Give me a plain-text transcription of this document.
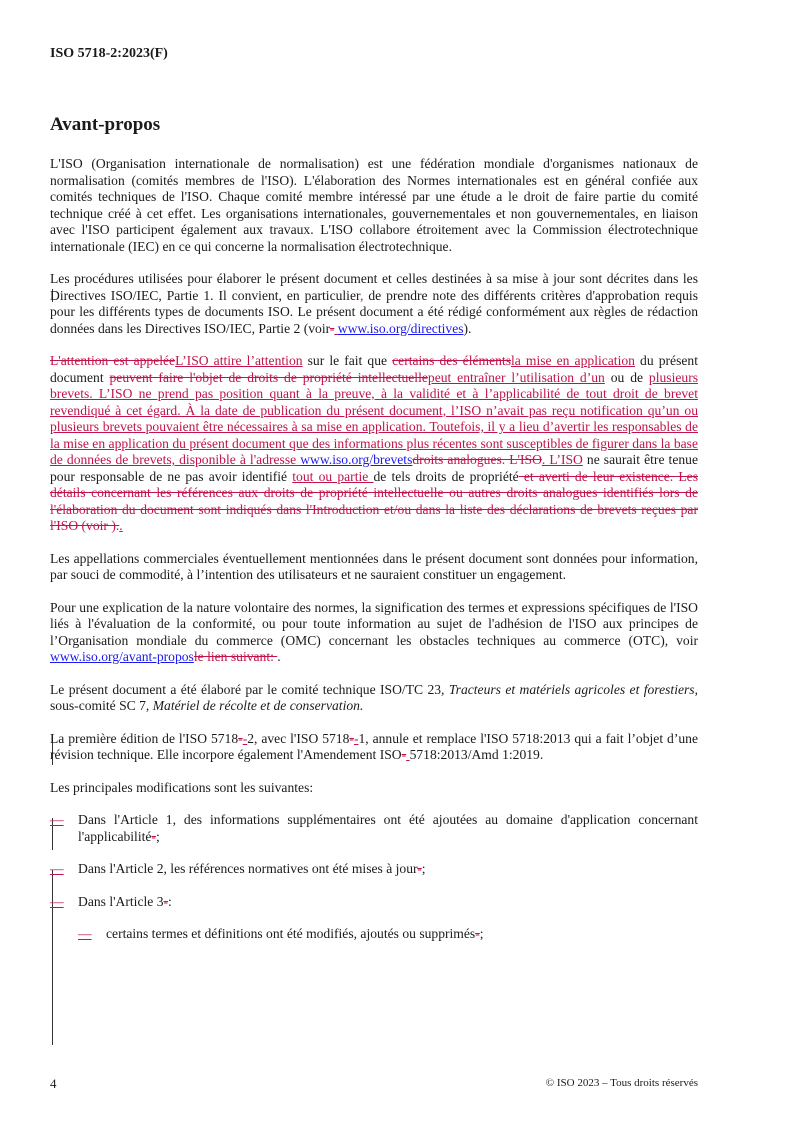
ISO 5718-2:2023(F)
Avant-propos

L'ISO (Organisation internationale de normalisation) est une fédération mondiale d'organismes nationaux de normalisation (comités membres de l'ISO). L'élaboration des Normes internationales est en général confiée aux comités techniques de l'ISO. Chaque comité membre intéressé par une étude a le droit de faire partie du comité technique créé à cet effet. Les organisations internationales, gouvernementales et non gouvernementales, en liaison avec l'ISO participent également aux travaux. L'ISO collabore étroitement avec la Commission électrotechnique internationale (IEC) en ce qui concerne la normalisation électrotechnique.

Les procédures utilisées pour élaborer le présent document et celles destinées à sa mise à jour sont décrites dans les Directives ISO/IEC, Partie 1. Il convient, en particulier, de prendre note des différents critères d'approbation requis pour les différents types de documents ISO. Le présent document a été rédigé conformément aux règles de rédaction données dans les Directives ISO/IEC, Partie 2 (voir- www.iso.org/directives).

L'attention est appeléeL’ISO attire l’attention sur le fait que certains des élémentsla mise en application du présent document peuvent faire l'objet de droits de propriété intellectuellepeut entraîner l’utilisation d’un ou de plusieurs brevets. L’ISO ne prend pas position quant à la preuve, à la validité et à l’applicabilité de tout droit de brevet revendiqué à cet égard. À la date de publication du présent document, l’ISO n’avait pas reçu notification qu’un ou plusieurs brevets pouvaient être nécessaires à sa mise en application. Toutefois, il y a lieu d’avertir les responsables de la mise en application du présent document que des informations plus récentes sont susceptibles de figurer dans la base de données de brevets, disponible à l'adresse www.iso.org/brevetsdroits analogues. L'ISO. L’ISO ne saurait être tenue pour responsable de ne pas avoir identifié tout ou partie de tels droits de propriété et averti de leur existence. Les détails concernant les références aux droits de propriété intellectuelle ou autres droits analogues identifiés lors de l'élaboration du document sont indiqués dans l'Introduction et/ou dans la liste des déclarations de brevets reçues par l'ISO (voir )..

Les appellations commerciales éventuellement mentionnées dans le présent document sont données pour information, par souci de commodité, à l’intention des utilisateurs et ne sauraient constituer un engagement.

Pour une explication de la nature volontaire des normes, la signification des termes et expressions spécifiques de l'ISO liés à l'évaluation de la conformité, ou pour toute information au sujet de l'adhésion de l'ISO aux principes de l’Organisation mondiale du commerce (OMC) concernant les obstacles techniques au commerce (OTC), voir www.iso.org/avant-proposle lien suivant: .

Le présent document a été élaboré par le comité technique ISO/TC 23, Tracteurs et matériels agricoles et forestiers, sous-comité SC 7, Matériel de récolte et de conservation.

La première édition de l'ISO 5718--2, avec l'ISO 5718--1, annule et remplace l'ISO 5718:2013 qui a fait l’objet d’une révision technique. Elle incorpore également l'Amendement ISO- 5718:2013/Amd 1:2019.

Les principales modifications sont les suivantes:

—	Dans l'Article 1, des informations supplémentaires ont été ajoutées au domaine d'application concernant l'applicabilité-;
—	Dans l'Article 2, les références normatives ont été mises à jour-;
—	Dans l'Article 3-:
—	certains termes et définitions ont été modifiés, ajoutés ou supprimés-;
4	© ISO 2023 – Tous droits réservés
